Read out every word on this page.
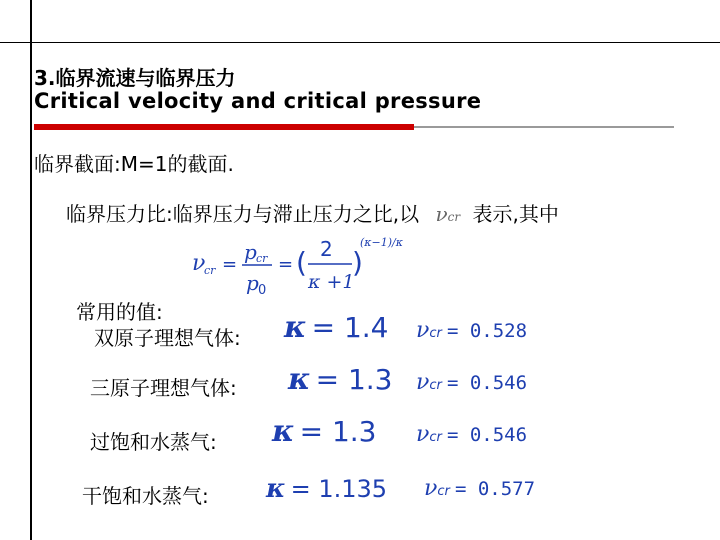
3.临界流速与临界压力
Critical velocity and critical pressure
临界截面:M=1的截面.
临界压力比:临界压力与滞止压力之比,以 νcr 表示,其中
ν
cr =
p cr
p 0
= ( 2
κ +1
)
(κ−1)/κ
常用的值:
双原子理想气体: κ = 1.4 νcr = 0.528
三原子理想气体: κ = 1.3 νcr = 0.546
过饱和水蒸气: κ = 1.3 νcr = 0.546
干饱和水蒸气: κ = 1.135 νcr = 0.577
